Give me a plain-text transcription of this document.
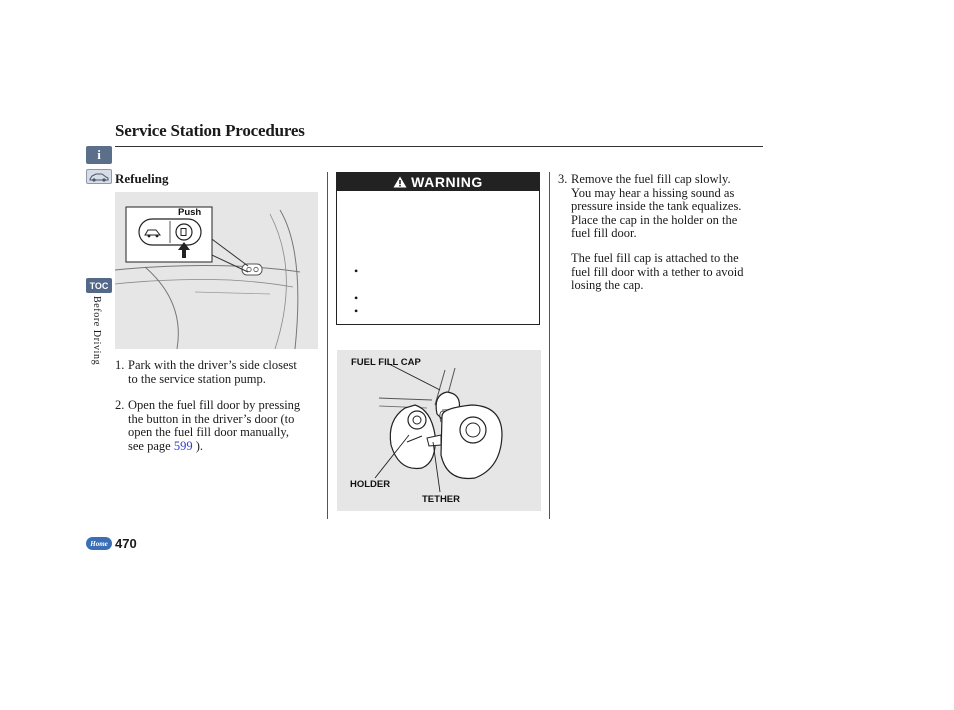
Service Station Procedures
i
TOC
Before Driving
Refueling
Push
1. Park with the driver’s side closest
to the service station pump.
2. Open the fuel fill door by pressing
the button in the driver’s door (to
open the fuel fill door manually,
see page 599 ).
WARNING
•
•
•
FUEL FILL CAP
HOLDER
TETHER
3. Remove the fuel fill cap slowly.
You may hear a hissing sound as
pressure inside the tank equalizes.
Place the cap in the holder on the
fuel fill door.
The fuel fill cap is attached to the
fuel fill door with a tether to avoid
losing the cap.
Home 470
